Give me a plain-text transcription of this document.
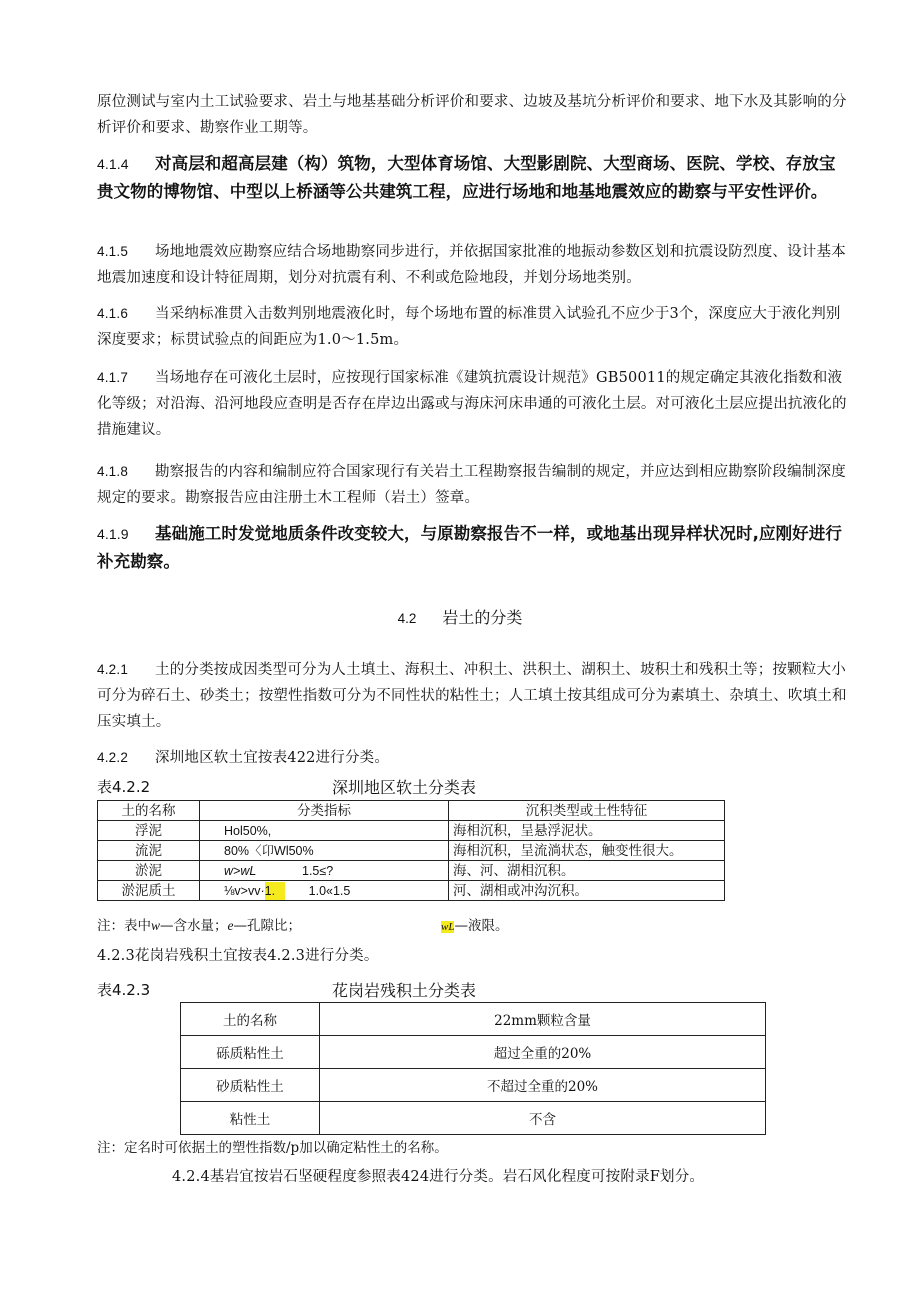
原位测试与室内土工试验要求、岩土与地基基础分析评价和要求、边坡及基坑分析评价和要求、地下水及其影响的分析评价和要求、勘察作业工期等。

4.1.4 对高层和超高层建（构）筑物，大型体育场馆、大型影剧院、大型商场、医院、学校、存放宝贵文物的博物馆、中型以上桥涵等公共建筑工程，应进行场地和地基地震效应的勘察与平安性评价。

4.1.5 场地地震效应勘察应结合场地勘察同步进行，并依据国家批准的地振动参数区划和抗震设防烈度、设计基本地震加速度和设计特征周期，划分对抗震有利、不利或危险地段，并划分场地类别。

4.1.6 当采纳标准贯入击数判别地震液化时，每个场地布置的标准贯入试验孔不应少于3个，深度应大于液化判别深度要求；标贯试验点的间距应为1.0～1.5m。

4.1.7 当场地存在可液化土层时，应按现行国家标准《建筑抗震设计规范》GB50011的规定确定其液化指数和液化等级；对沿海、沿河地段应查明是否存在岸边出露或与海床河床串通的可液化土层。对可液化土层应提出抗液化的措施建议。

4.1.8 勘察报告的内容和编制应符合国家现行有关岩土工程勘察报告编制的规定，并应达到相应勘察阶段编制深度规定的要求。勘察报告应由注册土木工程师（岩土）签章。

4.1.9 基础施工时发觉地质条件改变较大，与原勘察报告不一样，或地基出现异样状况时,应刚好进行补充勘察。

4.2 岩土的分类

4.2.1 土的分类按成因类型可分为人土填土、海积土、冲积土、洪积土、湖积土、坡积土和残积土等；按颗粒大小可分为碎石土、砂类土；按塑性指数可分为不同性状的粘性土；人工填土按其组成可分为素填土、杂填土、吹填土和压实填土。

4.2.2 深圳地区软土宜按表422进行分类。

表4.2.2	深圳地区软土分类表
土的名称	分类指标	沉积类型或土性特征
浮泥	Hol50%,	海相沉积，呈悬浮泥状。
流泥	80%〈卬Wl50%	海相沉积，呈流淌状态，触变性很大。
淤泥	w>wL 1.5≤?	海、河、湖相沉积。
淤泥质土	⅛v>vv·1. 1.0«1.5	河、湖相或冲沟沉积。
注：表中w—含水量；e—孔隙比；	wL—液限。

4.2.3花岗岩残积土宜按表4.2.3进行分类。

表4.2.3	花岗岩残积土分类表
土的名称	22mm颗粒含量
砾质粘性土	超过全重的20%
砂质粘性土	不超过全重的20%
粘性土	不含
注：定名时可依据土的塑性指数/p加以确定粘性土的名称。

4.2.4基岩宜按岩石坚硬程度参照表424进行分类。岩石风化程度可按附录F划分。
